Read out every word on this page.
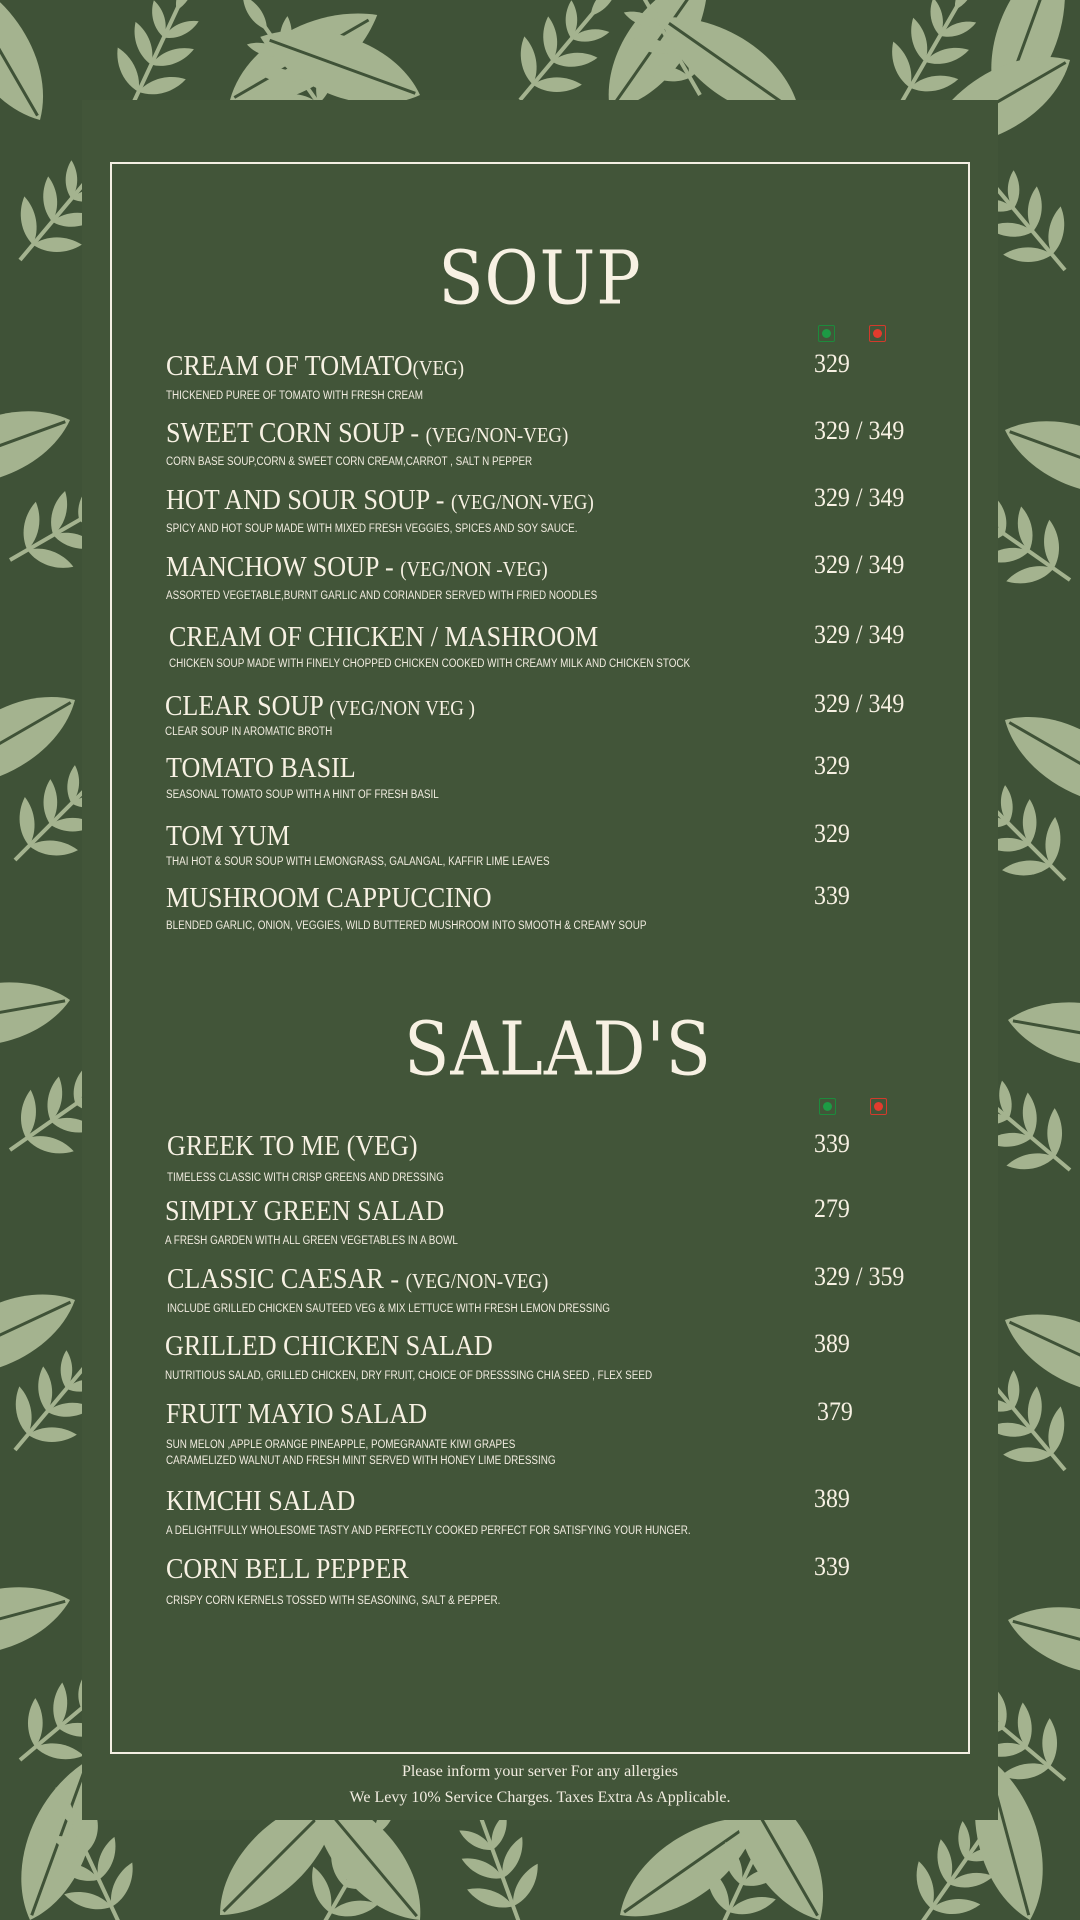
SOUP
CREAM OF TOMATO(VEG)
THICKENED PUREE OF TOMATO WITH FRESH CREAM
329
SWEET CORN SOUP - (VEG/NON-VEG)
CORN BASE SOUP,CORN & SWEET CORN CREAM,CARROT , SALT N PEPPER
329 / 349
HOT AND SOUR SOUP - (VEG/NON-VEG)
SPICY AND HOT SOUP MADE WITH MIXED FRESH VEGGIES, SPICES AND SOY SAUCE.
329 / 349
MANCHOW SOUP - (VEG/NON -VEG)
ASSORTED VEGETABLE,BURNT GARLIC AND CORIANDER SERVED WITH FRIED NOODLES
329 / 349
CREAM OF CHICKEN / MASHROOM
CHICKEN SOUP MADE WITH FINELY CHOPPED CHICKEN COOKED WITH CREAMY MILK AND CHICKEN STOCK
329 / 349
CLEAR SOUP (VEG/NON VEG )
CLEAR SOUP IN AROMATIC BROTH
329 / 349
TOMATO BASIL
SEASONAL TOMATO SOUP WITH A HINT OF FRESH BASIL
329
TOM YUM
THAI HOT & SOUR SOUP WITH LEMONGRASS, GALANGAL, KAFFIR LIME LEAVES
329
MUSHROOM CAPPUCCINO
BLENDED GARLIC, ONION, VEGGIES, WILD BUTTERED MUSHROOM INTO SMOOTH & CREAMY SOUP
339
SALAD'S
GREEK TO ME (VEG)
TIMELESS CLASSIC WITH CRISP GREENS AND DRESSING
339
SIMPLY GREEN SALAD
A FRESH GARDEN WITH ALL GREEN VEGETABLES IN A BOWL
279
CLASSIC CAESAR - (VEG/NON-VEG)
INCLUDE GRILLED CHICKEN SAUTEED VEG & MIX LETTUCE WITH FRESH LEMON DRESSING
329 / 359
GRILLED CHICKEN SALAD
NUTRITIOUS SALAD, GRILLED CHICKEN, DRY FRUIT, CHOICE OF DRESSSING CHIA SEED , FLEX SEED
389
FRUIT MAYIO SALAD
SUN MELON ,APPLE ORANGE PINEAPPLE, POMEGRANATE KIWI GRAPES
CARAMELIZED WALNUT AND FRESH MINT SERVED WITH HONEY LIME DRESSING
379
KIMCHI SALAD
A DELIGHTFULLY WHOLESOME TASTY AND PERFECTLY COOKED PERFECT FOR SATISFYING YOUR HUNGER.
389
CORN BELL PEPPER
CRISPY CORN KERNELS TOSSED WITH SEASONING, SALT & PEPPER.
339
Please inform your server For any allergies
We Levy 10% Service Charges. Taxes Extra As Applicable.
